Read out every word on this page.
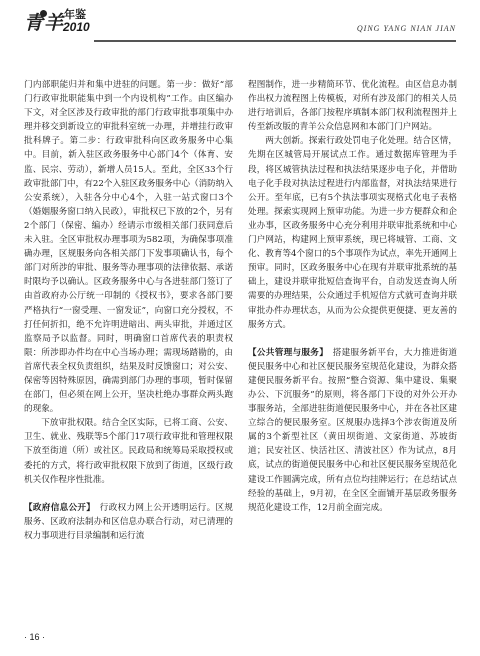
青羊 年鉴
2010	QING YANG NIAN JIAN

门内部职能归并和集中进驻的问题。第一步：做好“部门行政审批职能集中到一个内设机构”工作。由区编办下文，对全区涉及行政审批的部门行政审批事项集中办理并移交到新设立的审批科室统一办理，并增挂行政审批科牌子。第二步：行政审批科向区政务服务中心集中。目前，新入驻区政务服务中心部门4个（体育、安监、民宗、劳动），新增人员15人。至此，全区33个行政审批部门中，有22个入驻区政务服务中心（消防纳入公安系统），入驻各分中心4个，入驻一站式窗口3个（婚姻服务窗口纳入民政），审批权已下放的2个，另有2个部门（保密、编办）经请示市级相关部门获同意后未入驻。全区审批权办理事项为582项，为确保事项准确办理，区规服务向各相关部门下发事项确认书，每个部门对所涉的审批、服务等办理事项的法律依据、承诺时限均予以确认。区政务服务中心与各进驻部门签订了由首政府办公厅统一印制的《授权书》，要求各部门要严格执行“一窗受理、一窗发证”，向窗口充分授权，不打任何折扣，绝不允许明进暗出、两头审批，并通过区监察局予以监督。同时，明确窗口首席代表的职责权限：所涉即办件均在中心当场办理；需现场踏勘的，由首席代表全权负责组织，结果及时反馈窗口；对公安、保密等因特殊原因，确需到部门办理的事项，暂时保留在部门，但必须在网上公开，坚决杜绝办事群众两头跑的现象。

下放审批权限。结合全区实际，已将工商、公安、卫生、就业、残联等5个部门17项行政审批和管理权限下放至街道（所）或社区。民政局和统筹局采取授权或委托的方式，将行政审批权限下放到了街道，区级行政机关仅作程序性批准。

【政府信息公开】　 行政权力网上公开透明运行。区规服务、区政府法制办和区信息办联合行动，对已清理的权力事项进行目录编制和运行流

程图制作，进一步精简环节、优化流程。由区信息办制作出权力流程图上传模板，对所有涉及部门的相关人员进行培训后，各部门按程序填制本部门权利流程图并上传至新改版的青羊公众信息网和本部门门户网站。

两大创新。探索行政处罚电子化处理。结合区情，先期在区城管局开展试点工作。通过数据库管理为手段，将区城管执法过程和执法结果逐步电子化，并借助电子化手段对执法过程进行内部监督，对执法结果进行公开。至年底，已有5个执法事项实现格式化电子表格处理。探索实现网上预审功能。为进一步方便群众和企业办事，区政务服务中心充分利用并联审批系统和中心门户网站，构建网上预审系统，现已将城管、工商、文化、教育等4个窗口的5个事项作为试点，率先开通网上预审。同时，区政务服务中心在现有并联审批系统的基础上，建设并联审批短信查询平台，自动发送查询人所需要的办理结果，公众通过手机短信方式就可查询并联审批办件办理状态，从而为公众提供更便捷、更友善的服务方式。

【公共管理与服务】　 搭建服务新平台，大力推进街道便民服务中心和社区便民服务室规范化建设，为群众搭建便民服务新平台。按照“整合资源、集中建设、集聚办公、下沉服务”的原则，将各部门下设的对外公开办事服务站，全部进驻街道便民服务中心，并在各社区建立综合的便民服务室。区规服办选择3个涉农街道及所属的3个新型社区（黄田坝街道、文家街道、苏坡街道；民安社区、快活社区、清波社区）作为试点，8月底，试点的街道便民服务中心和社区便民服务室规范化建设工作圆满完成，所有点位均挂牌运行；在总结试点经验的基础上，9月初，在全区全面铺开基层政务服务规范化建设工作，12月前全面完成。

· 16 ·
